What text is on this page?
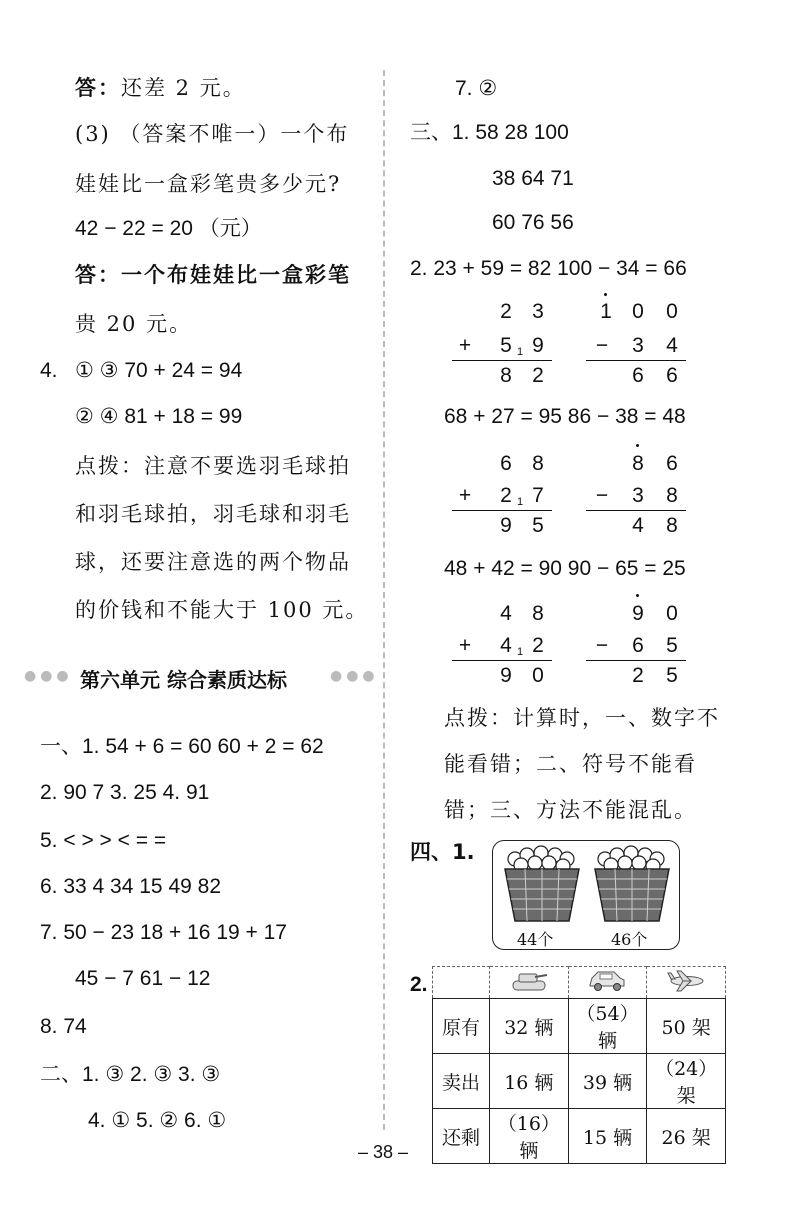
答：还差 2 元。
(3) （答案不唯一）一个布
娃娃比一盒彩笔贵多少元?
42 − 22 = 20 （元）
答：一个布娃娃比一盒彩笔
贵 20 元。
4. ① ③ 70 + 24 = 94
② ④ 81 + 18 = 99
点拨：注意不要选羽毛球拍
和羽毛球拍，羽毛球和羽毛
球，还要注意选的两个物品
的价钱和不能大于 100 元。
●●● 第六单元 综合素质达标	●●●
一、1. 54 + 6 = 60 60 + 2 = 62
2. 90 7 3. 25 4. 91
5. < > > < = =
6. 33 4 34 15 49 82
7. 50 − 23 18 + 16 19 + 17
45 − 7 61 − 12
8. 74
二、1. ③ 2. ③ 3. ③
4. ① 5. ② 6. ①
7. ②
三、1. 58 28 100
38 64 71
60 76 56
2. 23 + 59 = 82 100 − 34 = 66
2 3
+ 5 1 9
8 2
1 0 0
− 3 4
6 6
68 + 27 = 95 86 − 38 = 48
6 8
+ 2 1 7
9 5
8 6
− 3 8
4 8
48 + 42 = 90 90 − 65 = 25
4 8
+ 4 1 2
9 0
9 0
− 6 5
2 5
点拨：计算时，一、数字不
能看错；二、符号不能看
错；三、方法不能混乱。
四、1.
44个	46个
2.

原有	32 辆	（54）辆	50 架
卖出	16 辆	39 辆	（24）架
还剩	（16）辆	15 辆	26 架
– 38 –
